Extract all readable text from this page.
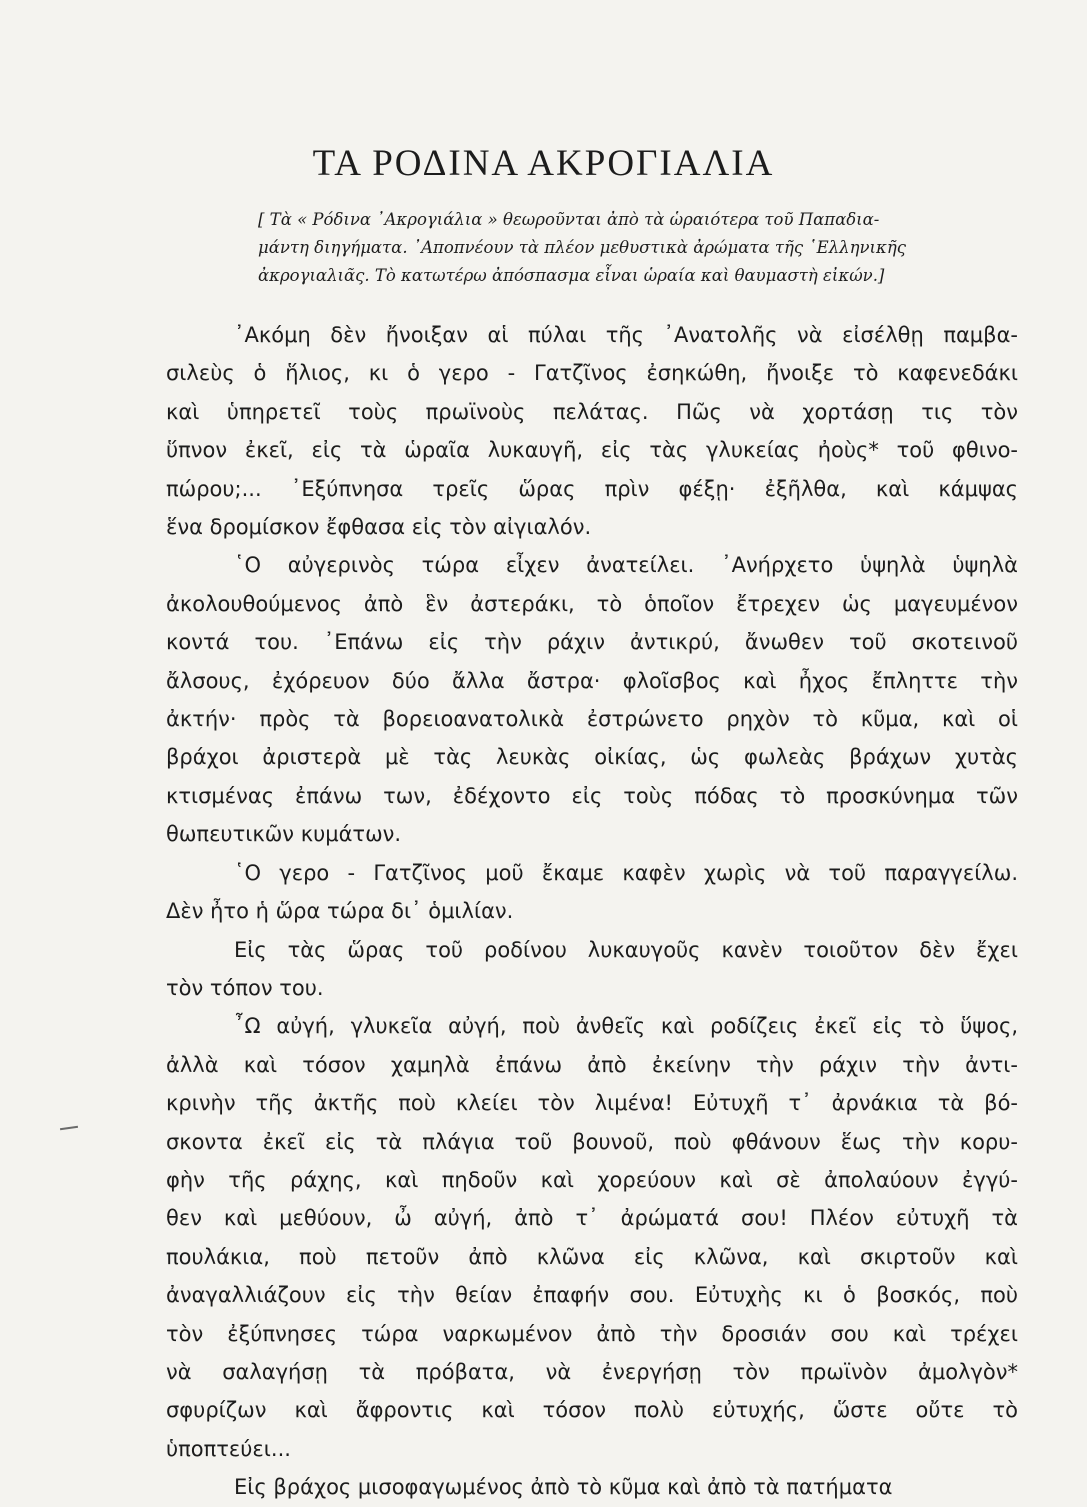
ΤΑ ΡΟΔΙΝΑ ΑΚΡΟΓΙΑΛΙΑ
[ Τὰ « Ρόδινα ᾿Ακρογιάλια » θεωροῦνται ἀπὸ τὰ ὡραιότερα τοῦ Παπαδια-
μάντη διηγήματα. ᾿Αποπνέουν τὰ πλέον μεθυστικὰ ἀρώματα τῆς ῾Ελληνικῆς
ἀκρογιαλιᾶς. Τὸ κατωτέρω ἀπόσπασμα εἶναι ὡραία καὶ θαυμαστὴ εἰκών.]
᾿Ακόμη δὲν ἤνοιξαν αἱ πύλαι τῆς ᾿Ανατολῆς νὰ εἰσέλθῃ παμβα-
σιλεὺς ὁ ἥλιος, κι ὁ γερο - Γατζῖνος ἐσηκώθη, ἤνοιξε τὸ καφενεδάκι
καὶ ὑπηρετεῖ τοὺς πρωϊνοὺς πελάτας. Πῶς νὰ χορτάσῃ τις τὸν
ὕπνον ἐκεῖ, εἰς τὰ ὡραῖα λυκαυγῆ, εἰς τὰς γλυκείας ἠοὺς* τοῦ φθινο-
πώρου;... ᾿Εξύπνησα τρεῖς ὥρας πρὶν φέξῃ· ἐξῆλθα, καὶ κάμψας
ἕνα δρομίσκον ἔφθασα εἰς τὸν αἰγιαλόν.
῾Ο αὐγερινὸς τώρα εἶχεν ἀνατείλει. ᾿Ανήρχετο ὑψηλὰ ὑψηλὰ
ἀκολουθούμενος ἀπὸ ἓν ἀστεράκι, τὸ ὁποῖον ἔτρεχεν ὡς μαγευμένον
κοντά του. ᾿Επάνω εἰς τὴν ράχιν ἀντικρύ, ἄνωθεν τοῦ σκοτεινοῦ
ἄλσους, ἐχόρευον δύο ἄλλα ἄστρα· φλοῖσβος καὶ ἦχος ἔπληττε τὴν
ἀκτήν· πρὸς τὰ βορειοανατολικὰ ἐστρώνετο ρηχὸν τὸ κῦμα, καὶ οἱ
βράχοι ἀριστερὰ μὲ τὰς λευκὰς οἰκίας, ὡς φωλεὰς βράχων χυτὰς
κτισμένας ἐπάνω των, ἐδέχοντο εἰς τοὺς πόδας τὸ προσκύνημα τῶν
θωπευτικῶν κυμάτων.
῾Ο γερο - Γατζῖνος μοῦ ἔκαμε καφὲν χωρὶς νὰ τοῦ παραγγείλω.
Δὲν ἦτο ἡ ὥρα τώρα δι᾿ ὁμιλίαν.
Εἰς τὰς ὥρας τοῦ ροδίνου λυκαυγοῦς κανὲν τοιοῦτον δὲν ἔχει
τὸν τόπον του.
῏Ω αὐγή, γλυκεῖα αὐγή, ποὺ ἀνθεῖς καὶ ροδίζεις ἐκεῖ εἰς τὸ ὕψος,
ἀλλὰ καὶ τόσον χαμηλὰ ἐπάνω ἀπὸ ἐκείνην τὴν ράχιν τὴν ἀντι-
κρινὴν τῆς ἀκτῆς ποὺ κλείει τὸν λιμένα! Εὐτυχῆ τ᾿ ἀρνάκια τὰ βό-
σκοντα ἐκεῖ εἰς τὰ πλάγια τοῦ βουνοῦ, ποὺ φθάνουν ἕως τὴν κορυ-
φὴν τῆς ράχης, καὶ πηδοῦν καὶ χορεύουν καὶ σὲ ἀπολαύουν ἐγγύ-
θεν καὶ μεθύουν, ὦ αὐγή, ἀπὸ τ᾿ ἀρώματά σου! Πλέον εὐτυχῆ τὰ
πουλάκια, ποὺ πετοῦν ἀπὸ κλῶνα εἰς κλῶνα, καὶ σκιρτοῦν καὶ
ἀναγαλλιάζουν εἰς τὴν θείαν ἐπαφήν σου. Εὐτυχὴς κι ὁ βοσκός, ποὺ
τὸν ἐξύπνησες τώρα ναρκωμένον ἀπὸ τὴν δροσιάν σου καὶ τρέχει
νὰ σαλαγήσῃ τὰ πρόβατα, νὰ ἐνεργήσῃ τὸν πρωϊνὸν ἀμολγὸν*
σφυρίζων καὶ ἄφροντις καὶ τόσον πολὺ εὐτυχής, ὥστε οὔτε τὸ
ὑποπτεύει...
Εἰς βράχος μισοφαγωμένος ἀπὸ τὸ κῦμα καὶ ἀπὸ τὰ πατήματα
